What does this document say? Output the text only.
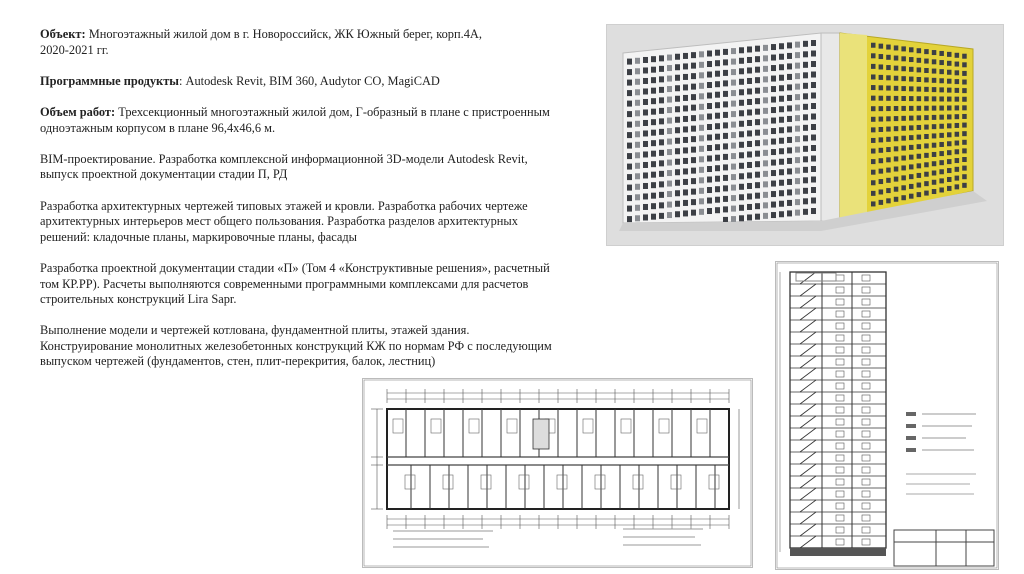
Объект: Многоэтажный жилой дом в г. Новороссийск, ЖК Южный берег, корп.4А,
2020-2021 гг.

Программные продукты: Autodesk Revit, BIM 360, Audytor CO, MagiCAD

Объем работ: Трехсекционный многоэтажный жилой дом, Г-образный в плане с пристроенным
одноэтажным корпусом в плане 96,4х46,6 м.

BIM-проектирование. Разработка комплексной информационной 3D-модели Autodesk Revit,
выпуск проектной документации стадии П, РД

Разработка архитектурных чертежей типовых этажей и кровли. Разработка рабочих чертеже
архитектурных интерьеров мест общего пользования. Разработка разделов архитектурных
решений: кладочные планы, маркировочные планы, фасады

Разработка проектной документации стадии «П» (Том 4 «Конструктивные решения», расчетный
том КР.РР). Расчеты выполняются современными программными комплексами для расчетов
строительных конструкций Lira Sapr.

Выполнение модели и чертежей котлована, фундаментной плиты, этажей здания.
Конструирование монолитных железобетонных конструкций КЖ по нормам РФ с последующим
выпуском чертежей (фундаментов, стен, плит-перекрития, балок, лестниц)
